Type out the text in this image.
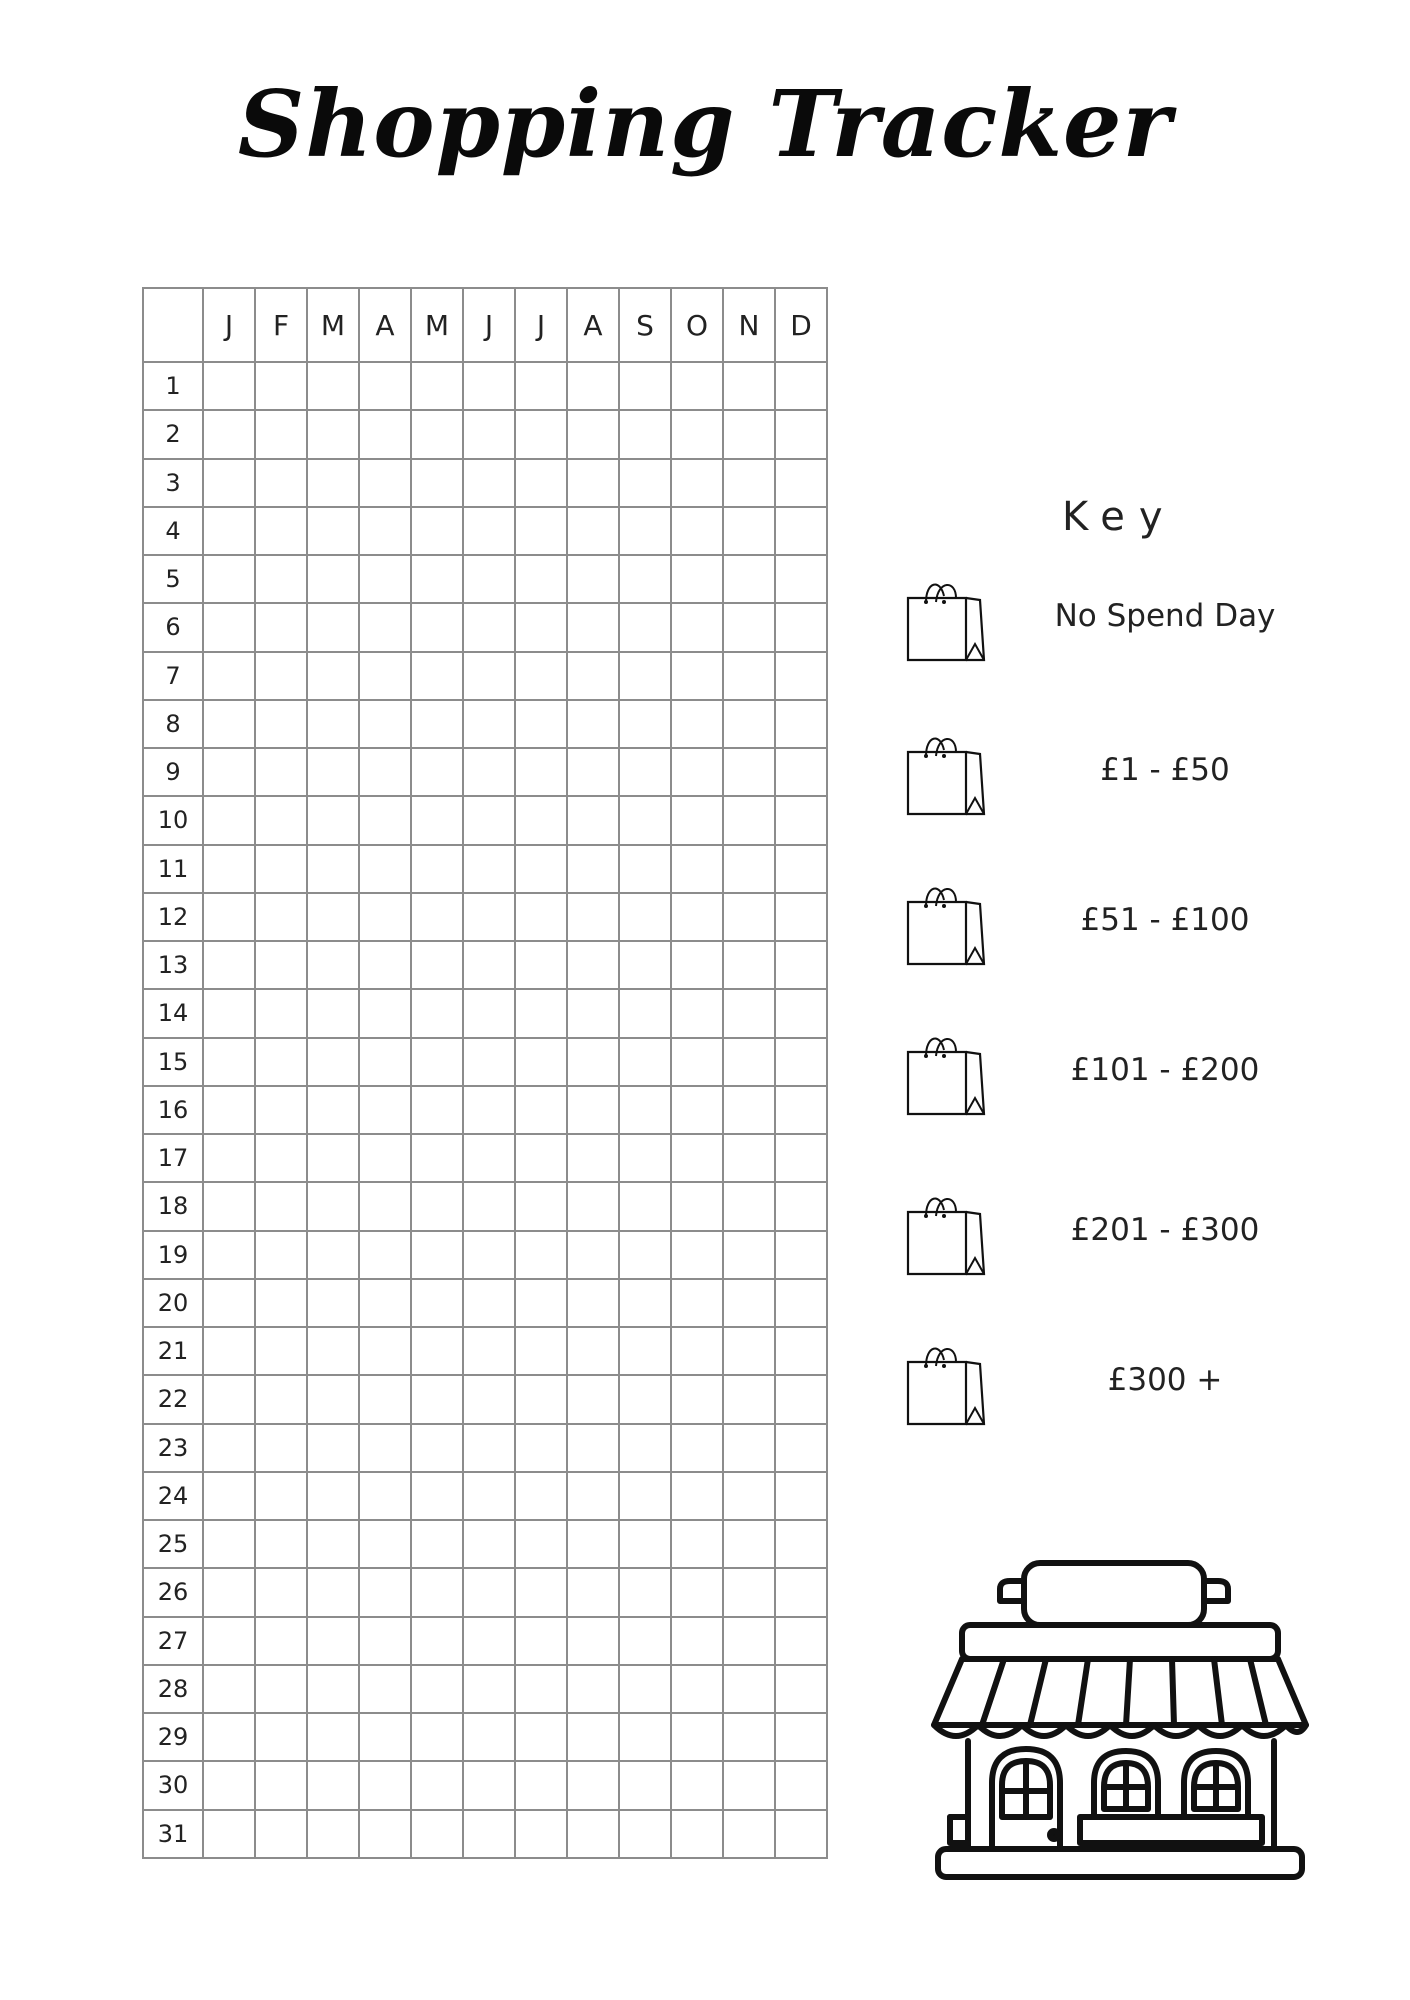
Shopping Tracker
	J	F	M	A	M	J	J	A	S	O	N	D
1												
2												
3												
4												
5												
6												
7												
8												
9												
10												
11												
12												
13												
14												
15												
16												
17												
18												
19												
20												
21												
22												
23												
24												
25												
26												
27												
28												
29												
30												
31												
Key
No Spend Day
£1 - £50
£51 - £100
£101 - £200
£201 - £300
£300 +
